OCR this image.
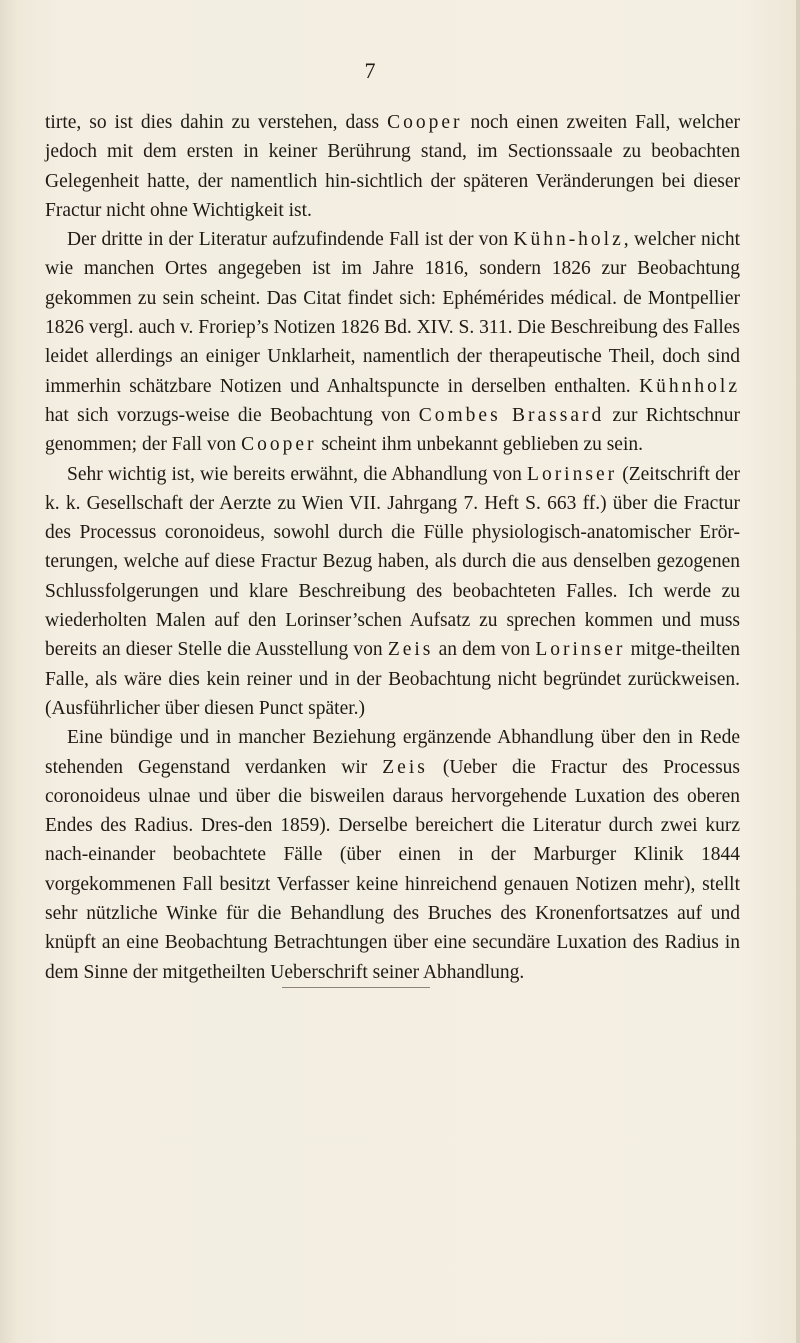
7

tirte, so ist dies dahin zu verstehen, dass Cooper noch einen zweiten Fall, welcher jedoch mit dem ersten in keiner Berührung stand, im Sectionssaale zu beobachten Gelegenheit hatte, der namentlich hin-sichtlich der späteren Veränderungen bei dieser Fractur nicht ohne Wichtigkeit ist.

Der dritte in der Literatur aufzufindende Fall ist der von Kühn-holz, welcher nicht wie manchen Ortes angegeben ist im Jahre 1816, sondern 1826 zur Beobachtung gekommen zu sein scheint. Das Citat findet sich: Ephémérides médical. de Montpellier 1826 vergl. auch v. Froriep’s Notizen 1826 Bd. XIV. S. 311. Die Beschreibung des Falles leidet allerdings an einiger Unklarheit, namentlich der therapeutische Theil, doch sind immerhin schätzbare Notizen und Anhaltspuncte in derselben enthalten. Kühnholz hat sich vorzugs-weise die Beobachtung von Combes Brassard zur Richtschnur genommen; der Fall von Cooper scheint ihm unbekannt geblieben zu sein.

Sehr wichtig ist, wie bereits erwähnt, die Abhandlung von Lorinser (Zeitschrift der k. k. Gesellschaft der Aerzte zu Wien VII. Jahrgang 7. Heft S. 663 ff.) über die Fractur des Processus coronoideus, sowohl durch die Fülle physiologisch-anatomischer Erör-terungen, welche auf diese Fractur Bezug haben, als durch die aus denselben gezogenen Schlussfolgerungen und klare Beschreibung des beobachteten Falles. Ich werde zu wiederholten Malen auf den Lorinser’schen Aufsatz zu sprechen kommen und muss bereits an dieser Stelle die Ausstellung von Zeis an dem von Lorinser mitge-theilten Falle, als wäre dies kein reiner und in der Beobachtung nicht begründet zurückweisen. (Ausführlicher über diesen Punct später.)

Eine bündige und in mancher Beziehung ergänzende Abhandlung über den in Rede stehenden Gegenstand verdanken wir Zeis (Ueber die Fractur des Processus coronoideus ulnae und über die bisweilen daraus hervorgehende Luxation des oberen Endes des Radius. Dres-den 1859). Derselbe bereichert die Literatur durch zwei kurz nach-einander beobachtete Fälle (über einen in der Marburger Klinik 1844 vorgekommenen Fall besitzt Verfasser keine hinreichend genauen Notizen mehr), stellt sehr nützliche Winke für die Behandlung des Bruches des Kronenfortsatzes auf und knüpft an eine Beobachtung Betrachtungen über eine secundäre Luxation des Radius in dem Sinne der mitgetheilten Ueberschrift seiner Abhandlung.
